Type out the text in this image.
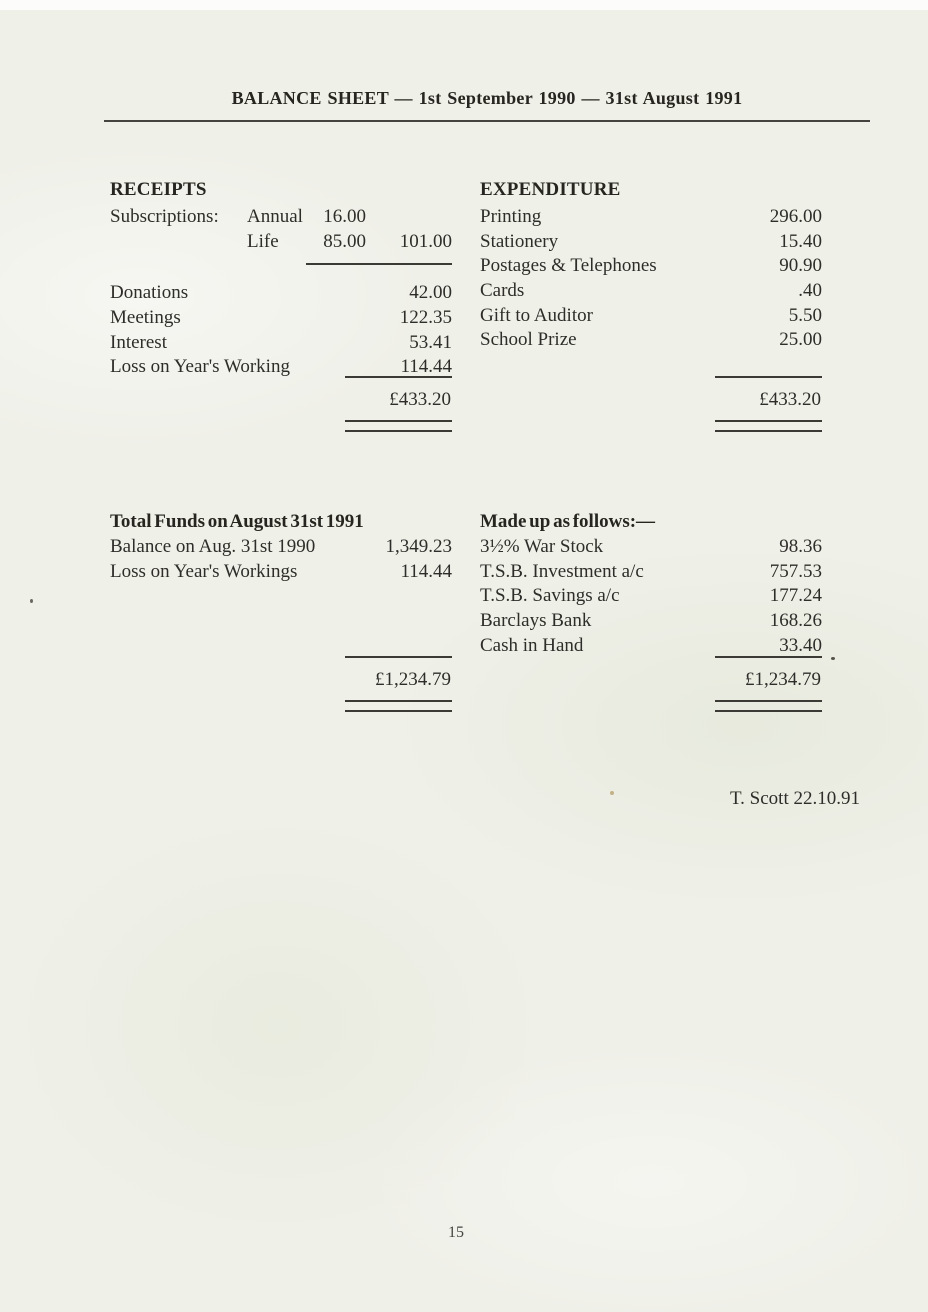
BALANCE SHEET — 1st September 1990 — 31st August 1991
RECEIPTS
Subscriptions:	Annual	16.00
Life	85.00	101.00
Donations	42.00
Meetings	122.35
Interest	53.41
Loss on Year's Working	114.44
EXPENDITURE
Printing	296.00
Stationery	15.40
Postages & Telephones	90.90
Cards	.40
Gift to Auditor	5.50
School Prize	25.00
£433.20	£433.20
Total Funds on August 31st 1991
Balance on Aug. 31st 1990	1,349.23
Loss on Year's Workings	114.44
Made up as follows:—
3½% War Stock	98.36
T.S.B. Investment a/c	757.53
T.S.B. Savings a/c	177.24
Barclays Bank	168.26
Cash in Hand	33.40
£1,234.79	£1,234.79
T. Scott 22.10.91
15
